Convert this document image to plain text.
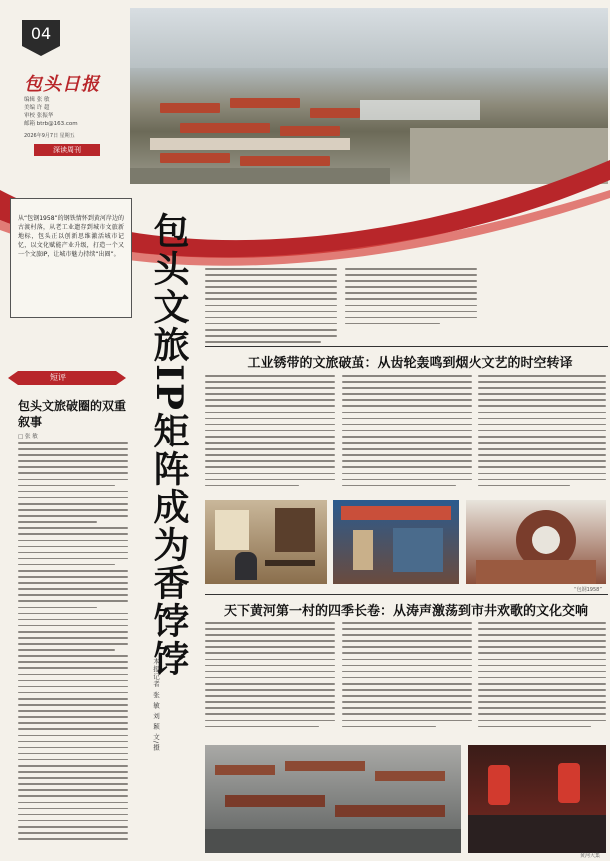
04
包头日报
编辑 张 敏
美编 许 超
审校 张振华
邮箱 btrb@163.com
2026年9月7日 星期五
深读周刊
从“包钢1958”的钢铁情怀到黄河岸边的古渡村落，从老工业遗存到城市文旅新地标，包头正以创新思维激活城市记忆，以文化赋能产业升级，打造一个又一个文旅IP，让城市魅力持续“出圈”。 包头文旅IP矩阵成为香饽饽
本报记者 张 敏 刘 颖 文/摄
短评
包头文旅破圈的双重叙事
□ 张 敏
工业锈带的文旅破茧：从齿轮轰鸣到烟火文艺的时空转译
“包钢1958”
天下黄河第一村的四季长卷：从涛声激荡到市井欢歌的文化交响
黄河大集
